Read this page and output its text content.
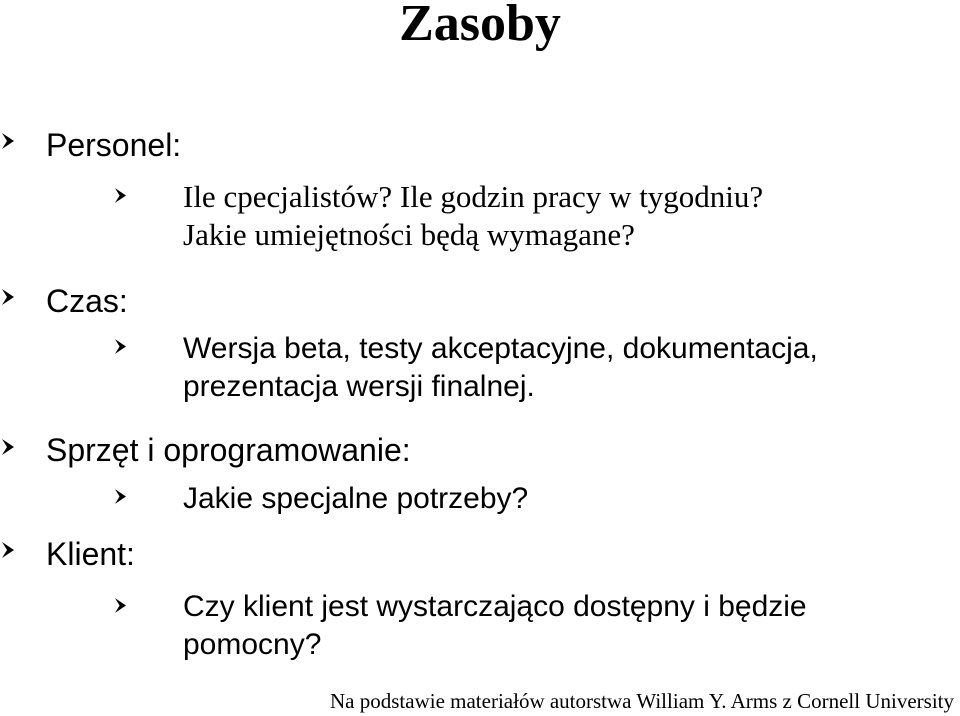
Zasoby
Personel:
Ile cpecjalistów? Ile godzin pracy w tygodniu?
Jakie umiejętności będą wymagane?
Czas:
Wersja beta, testy akceptacyjne, dokumentacja,
prezentacja wersji finalnej.
Sprzęt i oprogramowanie:
Jakie specjalne potrzeby?
Klient:
Czy klient jest wystarczająco dostępny i będzie
pomocny?
Na podstawie materiałów autorstwa William Y. Arms z Cornell University
